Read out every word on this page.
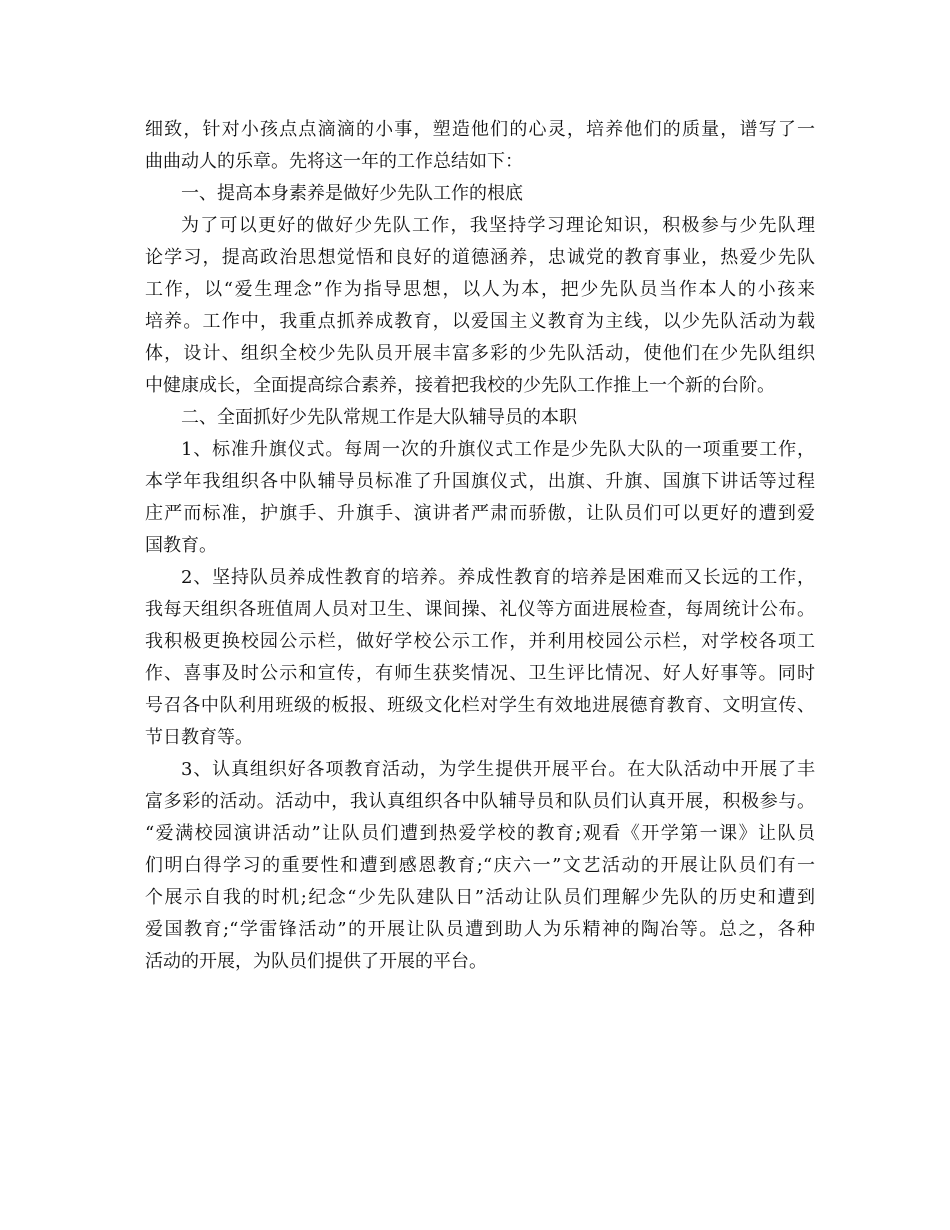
细致，针对小孩点点滴滴的小事，塑造他们的心灵，培养他们的质量，谱写了一
曲曲动人的乐章。先将这一年的工作总结如下：
一、提高本身素养是做好少先队工作的根底
为了可以更好的做好少先队工作，我坚持学习理论知识，积极参与少先队理
论学习，提高政治思想觉悟和良好的道德涵养，忠诚党的教育事业，热爱少先队
工作，以“爱生理念”作为指导思想，以人为本，把少先队员当作本人的小孩来
培养。工作中，我重点抓养成教育，以爱国主义教育为主线，以少先队活动为载
体，设计、组织全校少先队员开展丰富多彩的少先队活动，使他们在少先队组织
中健康成长，全面提高综合素养，接着把我校的少先队工作推上一个新的台阶。
二、全面抓好少先队常规工作是大队辅导员的本职
1、标准升旗仪式。每周一次的升旗仪式工作是少先队大队的一项重要工作，
本学年我组织各中队辅导员标准了升国旗仪式，出旗、升旗、国旗下讲话等过程
庄严而标准，护旗手、升旗手、演讲者严肃而骄傲，让队员们可以更好的遭到爱
国教育。
2、坚持队员养成性教育的培养。养成性教育的培养是困难而又长远的工作，
我每天组织各班值周人员对卫生、课间操、礼仪等方面进展检查，每周统计公布。
我积极更换校园公示栏，做好学校公示工作，并利用校园公示栏，对学校各项工
作、喜事及时公示和宣传，有师生获奖情况、卫生评比情况、好人好事等。同时
号召各中队利用班级的板报、班级文化栏对学生有效地进展德育教育、文明宣传、
节日教育等。
3、认真组织好各项教育活动，为学生提供开展平台。在大队活动中开展了丰
富多彩的活动。活动中，我认真组织各中队辅导员和队员们认真开展，积极参与。
“爱满校园演讲活动”让队员们遭到热爱学校的教育;观看《开学第一课》让队员
们明白得学习的重要性和遭到感恩教育;“庆六一”文艺活动的开展让队员们有一
个展示自我的时机;纪念“少先队建队日”活动让队员们理解少先队的历史和遭到
爱国教育;“学雷锋活动”的开展让队员遭到助人为乐精神的陶冶等。总之，各种
活动的开展，为队员们提供了开展的平台。
